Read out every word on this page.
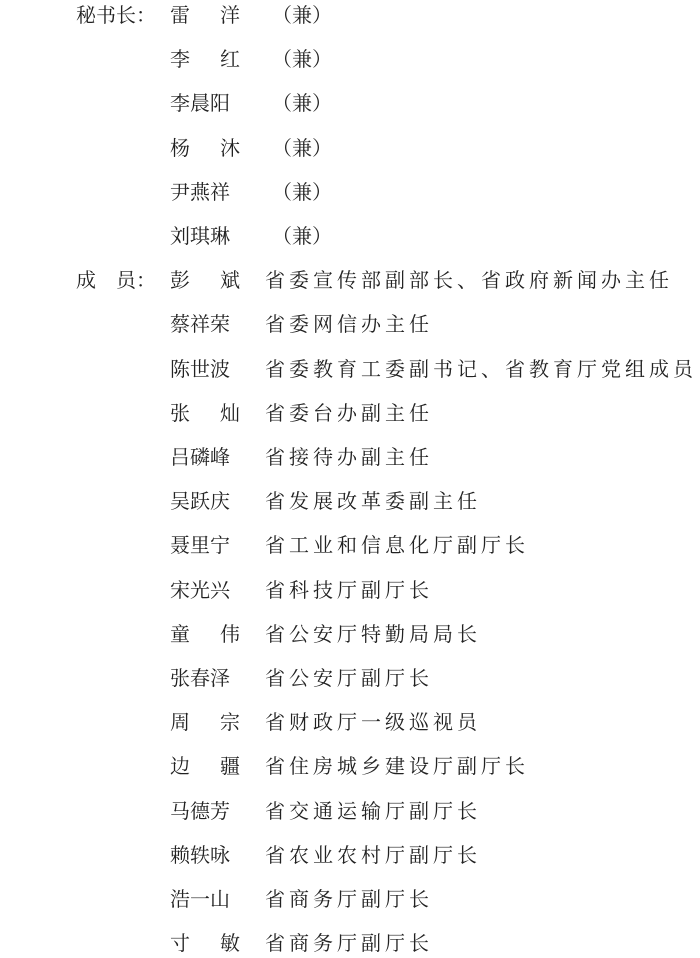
秘书长： 雷 洋 （兼）
李 红 （兼）
李晨阳	（兼）
杨 沐 （兼）
尹燕祥	（兼）
刘琪琳	（兼）
成　员： 彭 斌 省委宣传部副部长、省政府新闻办主任
蔡祥荣	省委网信办主任
陈世波	省委教育工委副书记、省教育厅党组成员
张 灿 省委台办副主任
吕磷峰	省接待办副主任
吴跃庆	省发展改革委副主任
聂里宁	省工业和信息化厅副厅长
宋光兴	省科技厅副厅长
童 伟 省公安厅特勤局局长
张春泽	省公安厅副厅长
周 宗 省财政厅一级巡视员
边 疆 省住房城乡建设厅副厅长
马德芳	省交通运输厅副厅长
赖轶咏	省农业农村厅副厅长
浩一山	省商务厅副厅长
寸 敏 省商务厅副厅长
